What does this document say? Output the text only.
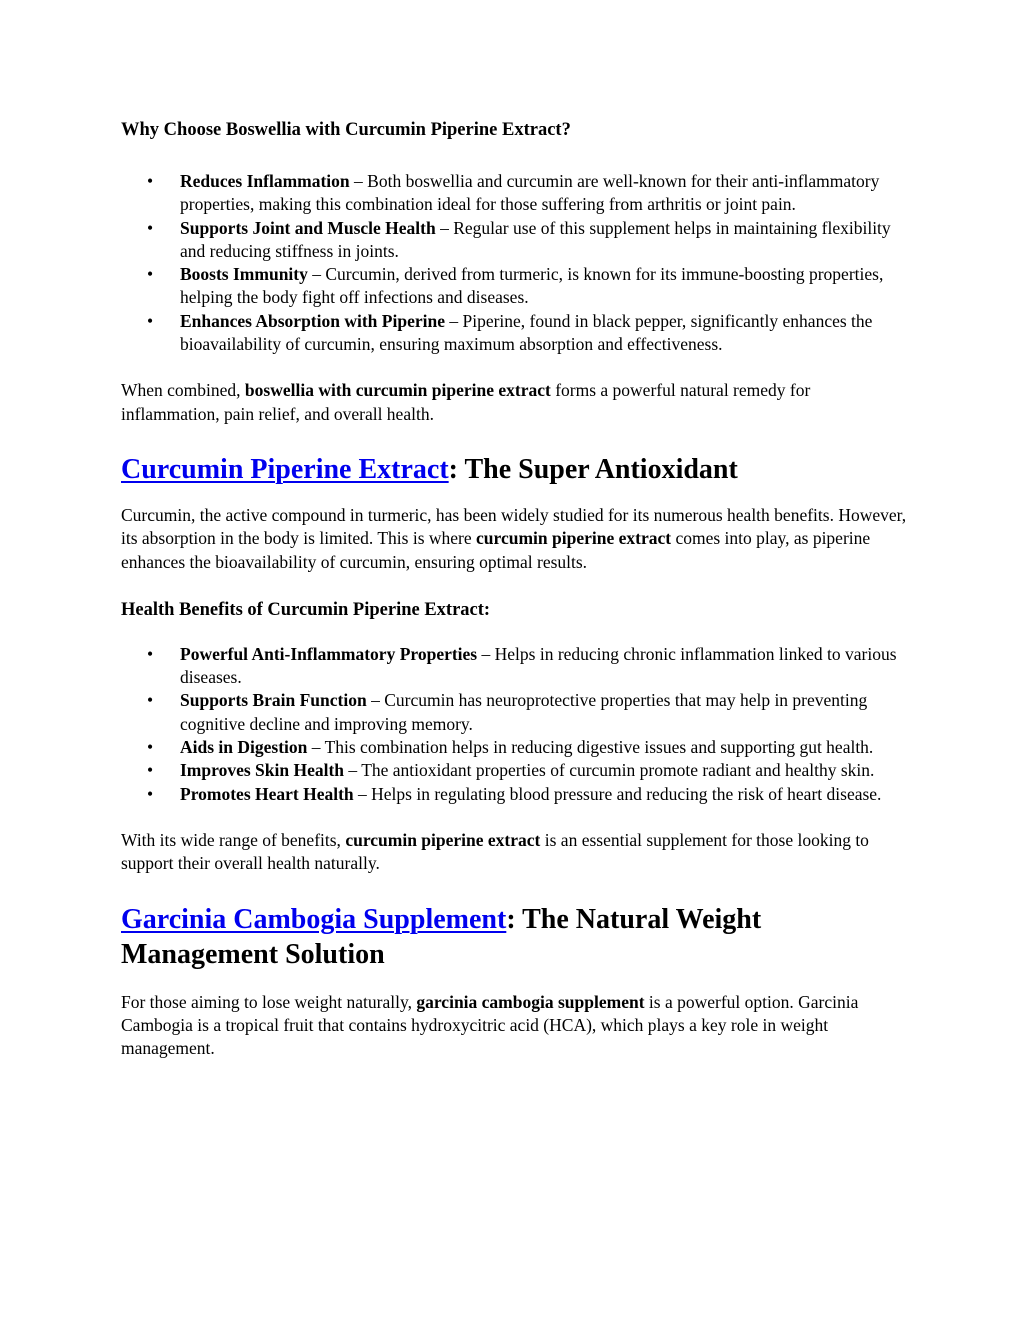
Why Choose Boswellia with Curcumin Piperine Extract?
• Reduces Inflammation – Both boswellia and curcumin are well-known for their anti-inflammatory properties, making this combination ideal for those suffering from arthritis or joint pain.
• Supports Joint and Muscle Health – Regular use of this supplement helps in maintaining flexibility and reducing stiffness in joints.
• Boosts Immunity – Curcumin, derived from turmeric, is known for its immune-boosting properties, helping the body fight off infections and diseases.
• Enhances Absorption with Piperine – Piperine, found in black pepper, significantly enhances the bioavailability of curcumin, ensuring maximum absorption and effectiveness.

When combined, boswellia with curcumin piperine extract forms a powerful natural remedy for inflammation, pain relief, and overall health.

Curcumin Piperine Extract: The Super Antioxidant

Curcumin, the active compound in turmeric, has been widely studied for its numerous health benefits. However, its absorption in the body is limited. This is where curcumin piperine extract comes into play, as piperine enhances the bioavailability of curcumin, ensuring optimal results.

Health Benefits of Curcumin Piperine Extract:
• Powerful Anti-Inflammatory Properties – Helps in reducing chronic inflammation linked to various diseases.
• Supports Brain Function – Curcumin has neuroprotective properties that may help in preventing cognitive decline and improving memory.
• Aids in Digestion – This combination helps in reducing digestive issues and supporting gut health.
• Improves Skin Health – The antioxidant properties of curcumin promote radiant and healthy skin.
• Promotes Heart Health – Helps in regulating blood pressure and reducing the risk of heart disease.

With its wide range of benefits, curcumin piperine extract is an essential supplement for those looking to support their overall health naturally.

Garcinia Cambogia Supplement: The Natural Weight Management Solution

For those aiming to lose weight naturally, garcinia cambogia supplement is a powerful option. Garcinia Cambogia is a tropical fruit that contains hydroxycitric acid (HCA), which plays a key role in weight management.
